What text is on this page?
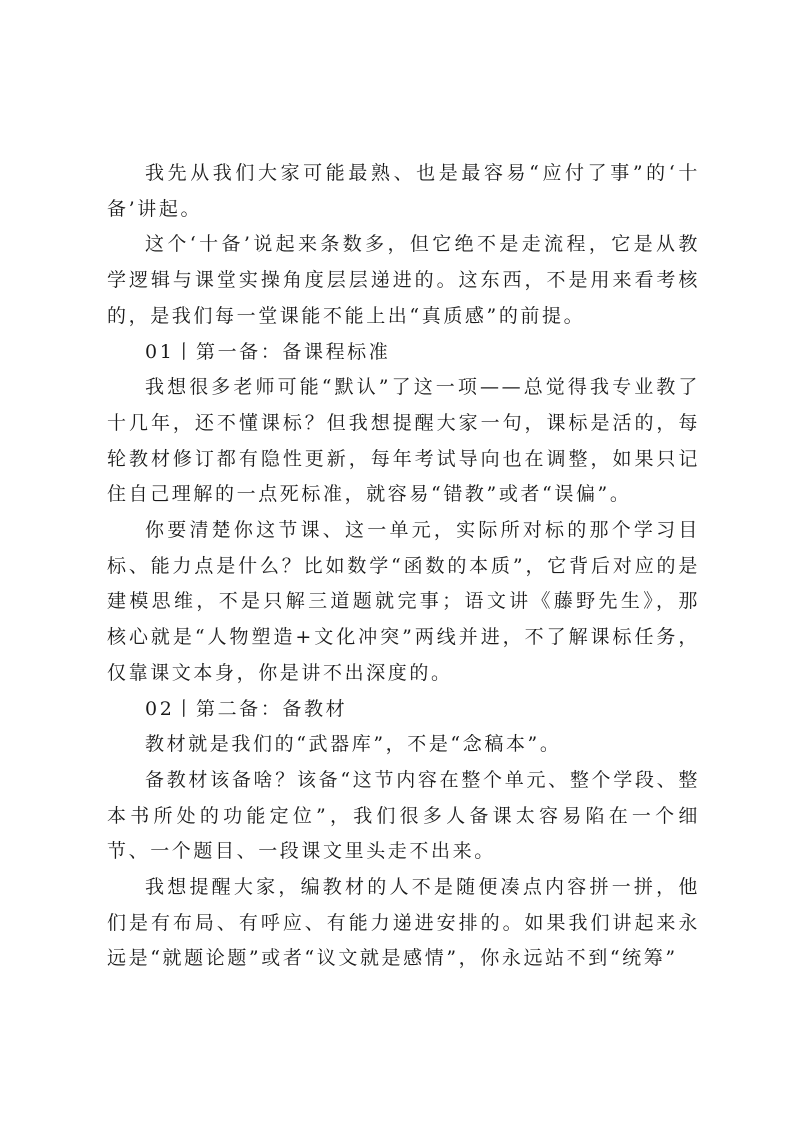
我先从我们大家可能最熟、也是最容易“应付了事”的‘十备’讲起。

这个‘十备’说起来条数多，但它绝不是走流程，它是从教学逻辑与课堂实操角度层层递进的。这东西，不是用来看考核的，是我们每一堂课能不能上出“真质感”的前提。

01丨第一备：备课程标准

我想很多老师可能“默认”了这一项——总觉得我专业教了十几年，还不懂课标？但我想提醒大家一句，课标是活的，每轮教材修订都有隐性更新，每年考试导向也在调整，如果只记住自己理解的一点死标准，就容易“错教”或者“误偏”。

你要清楚你这节课、这一单元，实际所对标的那个学习目标、能力点是什么？比如数学“函数的本质”，它背后对应的是建模思维，不是只解三道题就完事；语文讲《藤野先生》，那核心就是“人物塑造+文化冲突”两线并进，不了解课标任务，仅靠课文本身，你是讲不出深度的。

02丨第二备：备教材

教材就是我们的“武器库”，不是“念稿本”。

备教材该备啥？该备“这节内容在整个单元、整个学段、整本书所处的功能定位”，我们很多人备课太容易陷在一个细节、一个题目、一段课文里头走不出来。

我想提醒大家，编教材的人不是随便凑点内容拼一拼，他们是有布局、有呼应、有能力递进安排的。如果我们讲起来永远是“就题论题”或者“议文就是感情”，你永远站不到“统筹”
